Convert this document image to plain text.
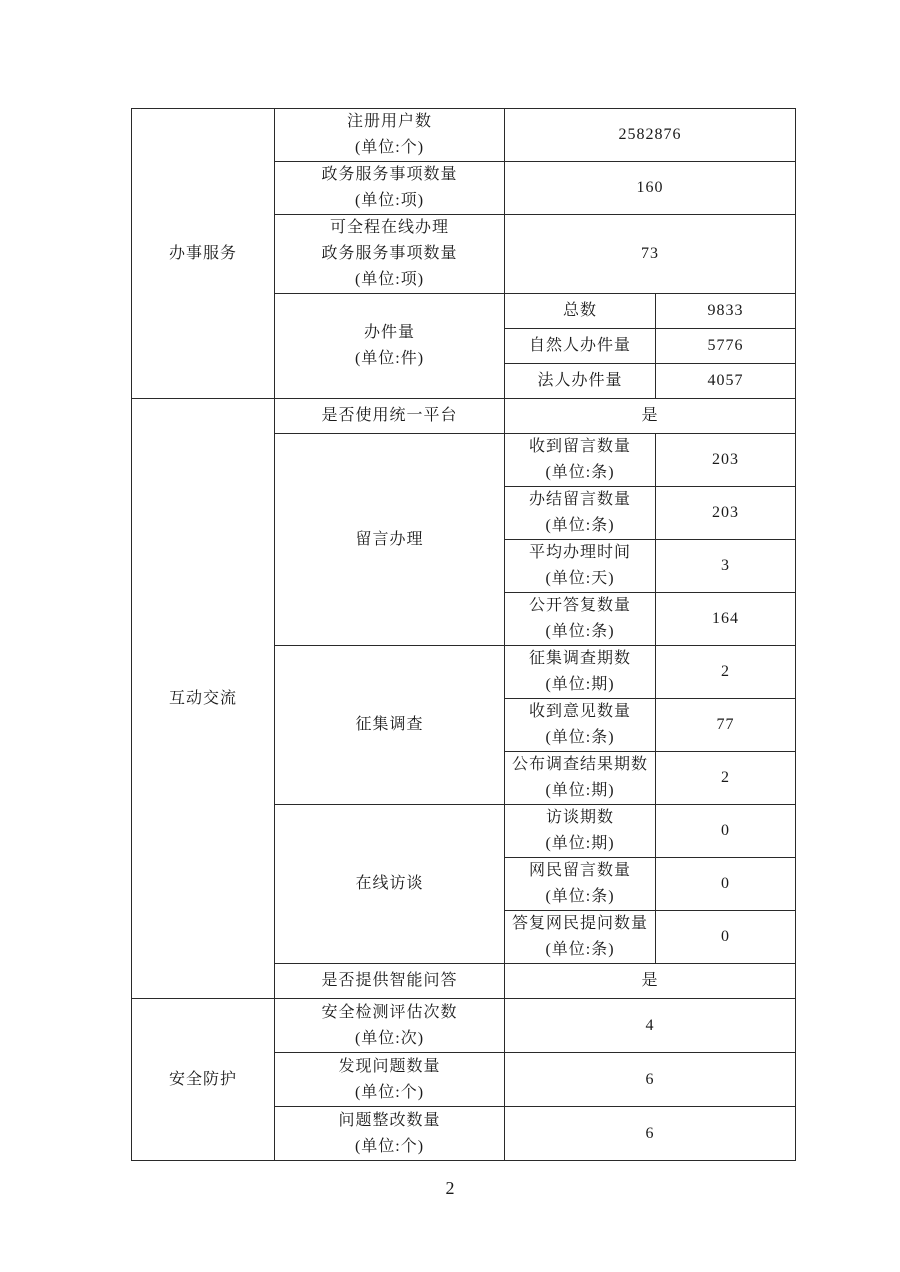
办事服务	注册用户数
(单位:个)	2582876	

	政务服务事项数量
(单位:项)	160	

	可全程在线办理
政务服务事项数量
(单位:项)	73	

	办件量
(单位:件)	总数	9833
		自然人办件量	5776
		法人办件量	4057

互动交流	是否使用统一平台	是	

	留言办理	收到留言数量
(单位:条)	203

		办结留言数量
(单位:条)	203

		平均办理时间
(单位:天)	3

		公开答复数量
(单位:条)	164

	征集调查	征集调查期数
(单位:期)	2

		收到意见数量
(单位:条)	77

		公布调查结果期数
(单位:期)	2

	在线访谈	访谈期数
(单位:期)	0

		网民留言数量
(单位:条)	0

		答复网民提问数量
(单位:条)	0

	是否提供智能问答	是	

安全防护	安全检测评估次数
(单位:次)	4	

	发现问题数量
(单位:个)	6	

	问题整改数量
(单位:个)	6	
2
